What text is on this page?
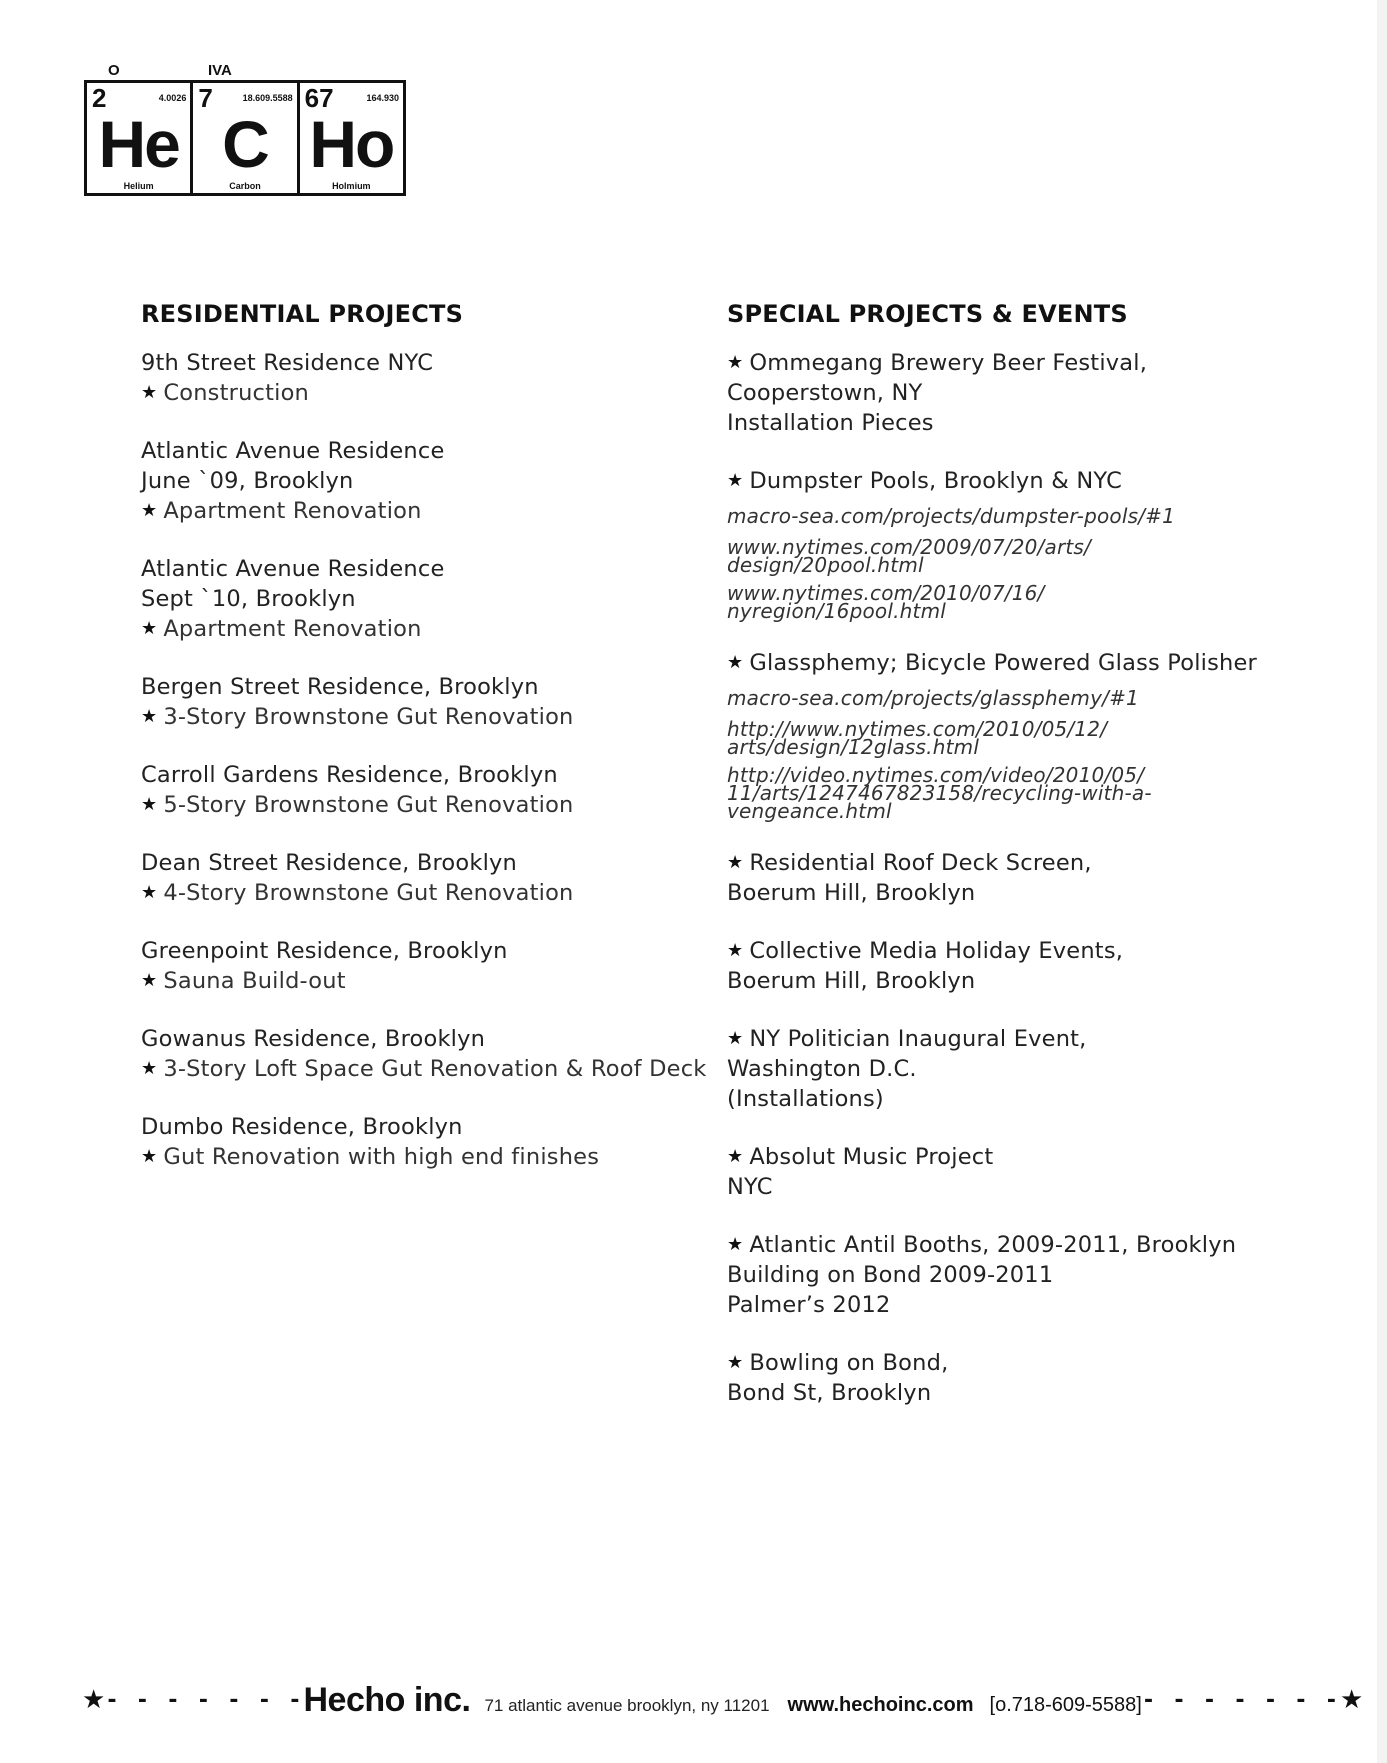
O	IVA
2	4.0026
He
Helium
7	18.609.5588
C
Carbon
67	164.930
Ho
Holmium
RESIDENTIAL PROJECTS
9th Street Residence NYC
★ Construction
Atlantic Avenue Residence
June `09, Brooklyn
★ Apartment Renovation
Atlantic Avenue Residence
Sept `10, Brooklyn
★ Apartment Renovation
Bergen Street Residence, Brooklyn
★ 3-Story Brownstone Gut Renovation
Carroll Gardens Residence, Brooklyn
★ 5-Story Brownstone Gut Renovation
Dean Street Residence, Brooklyn
★ 4-Story Brownstone Gut Renovation
Greenpoint Residence, Brooklyn
★ Sauna Build-out
Gowanus Residence, Brooklyn
★ 3-Story Loft Space Gut Renovation & Roof Deck
Dumbo Residence, Brooklyn
★ Gut Renovation with high end finishes
SPECIAL PROJECTS & EVENTS
★ Ommegang Brewery Beer Festival,
Cooperstown, NY
Installation Pieces
★ Dumpster Pools, Brooklyn & NYC
macro-sea.com/projects/dumpster-pools/#1
www.nytimes.com/2009/07/20/arts/
design/20pool.html
www.nytimes.com/2010/07/16/
nyregion/16pool.html
★ Glassphemy; Bicycle Powered Glass Polisher
macro-sea.com/projects/glassphemy/#1
http://www.nytimes.com/2010/05/12/
arts/design/12glass.html
http://video.nytimes.com/video/2010/05/
11/arts/1247467823158/recycling-with-a-
vengeance.html
★ Residential Roof Deck Screen,
Boerum Hill, Brooklyn
★ Collective Media Holiday Events,
Boerum Hill, Brooklyn
★ NY Politician Inaugural Event,
Washington D.C.
(Installations)
★ Absolut Music Project
NYC
★ Atlantic Antil Booths, 2009-2011, Brooklyn
Building on Bond 2009-2011
Palmer’s 2012
★ Bowling on Bond,
Bond St, Brooklyn
★ - - - - - - - Hecho inc. 71 atlantic avenue brooklyn, ny 11201 www.hechoinc.com [o.718-609-5588] - - - - - - - ★
